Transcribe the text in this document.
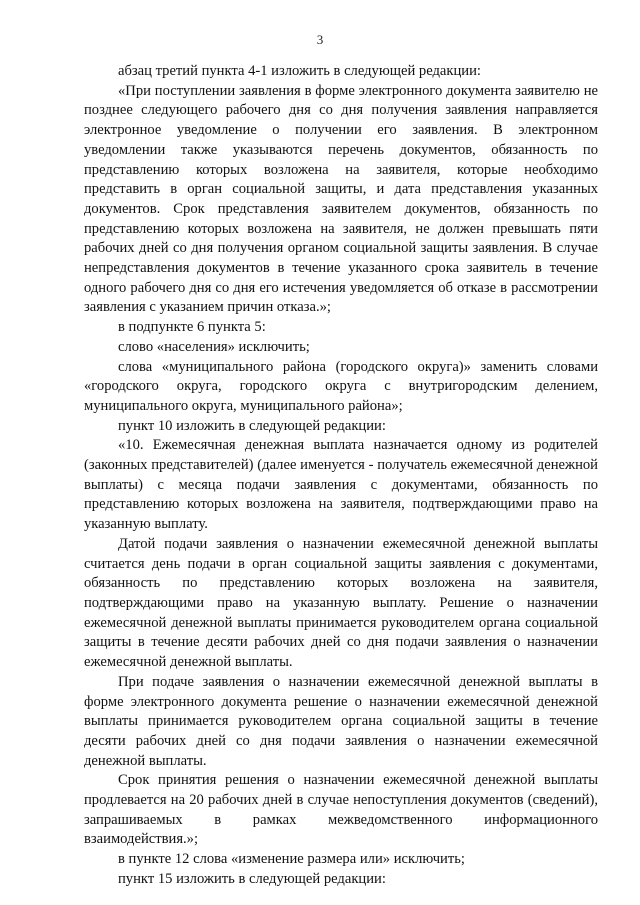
3

абзац третий пункта 4-1 изложить в следующей редакции:

«При поступлении заявления в форме электронного документа заявителю не позднее следующего рабочего дня со дня получения заявления направляется электронное уведомление о получении его заявления. В электронном уведомлении также указываются перечень документов, обязанность по представлению которых возложена на заявителя, которые необходимо представить в орган социальной защиты, и дата представления указанных документов. Срок представления заявителем документов, обязанность по представлению которых возложена на заявителя, не должен превышать пяти рабочих дней со дня получения органом социальной защиты заявления. В случае непредставления документов в течение указанного срока заявитель в течение одного рабочего дня со дня его истечения уведомляется об отказе в рассмотрении заявления с указанием причин отказа.»;

в подпункте 6 пункта 5:

слово «населения» исключить;

слова «муниципального района (городского округа)» заменить словами «городского округа, городского округа с внутригородским делением, муниципального округа, муниципального района»;

пункт 10 изложить в следующей редакции:

«10. Ежемесячная денежная выплата назначается одному из родителей (законных представителей) (далее именуется - получатель ежемесячной денежной выплаты) с месяца подачи заявления с документами, обязанность по представлению которых возложена на заявителя, подтверждающими право на указанную выплату.

Датой подачи заявления о назначении ежемесячной денежной выплаты считается день подачи в орган социальной защиты заявления с документами, обязанность по представлению которых возложена на заявителя, подтверждающими право на указанную выплату. Решение о назначении ежемесячной денежной выплаты принимается руководителем органа социальной защиты в течение десяти рабочих дней со дня подачи заявления о назначении ежемесячной денежной выплаты.

При подаче заявления о назначении ежемесячной денежной выплаты в форме электронного документа решение о назначении ежемесячной денежной выплаты принимается руководителем органа социальной защиты в течение десяти рабочих дней со дня подачи заявления о назначении ежемесячной денежной выплаты.

Срок принятия решения о назначении ежемесячной денежной выплаты продлевается на 20 рабочих дней в случае непоступления документов (сведений), запрашиваемых в рамках межведомственного информационного взаимодействия.»;

в пункте 12 слова «изменение размера или» исключить;

пункт 15 изложить в следующей редакции:
